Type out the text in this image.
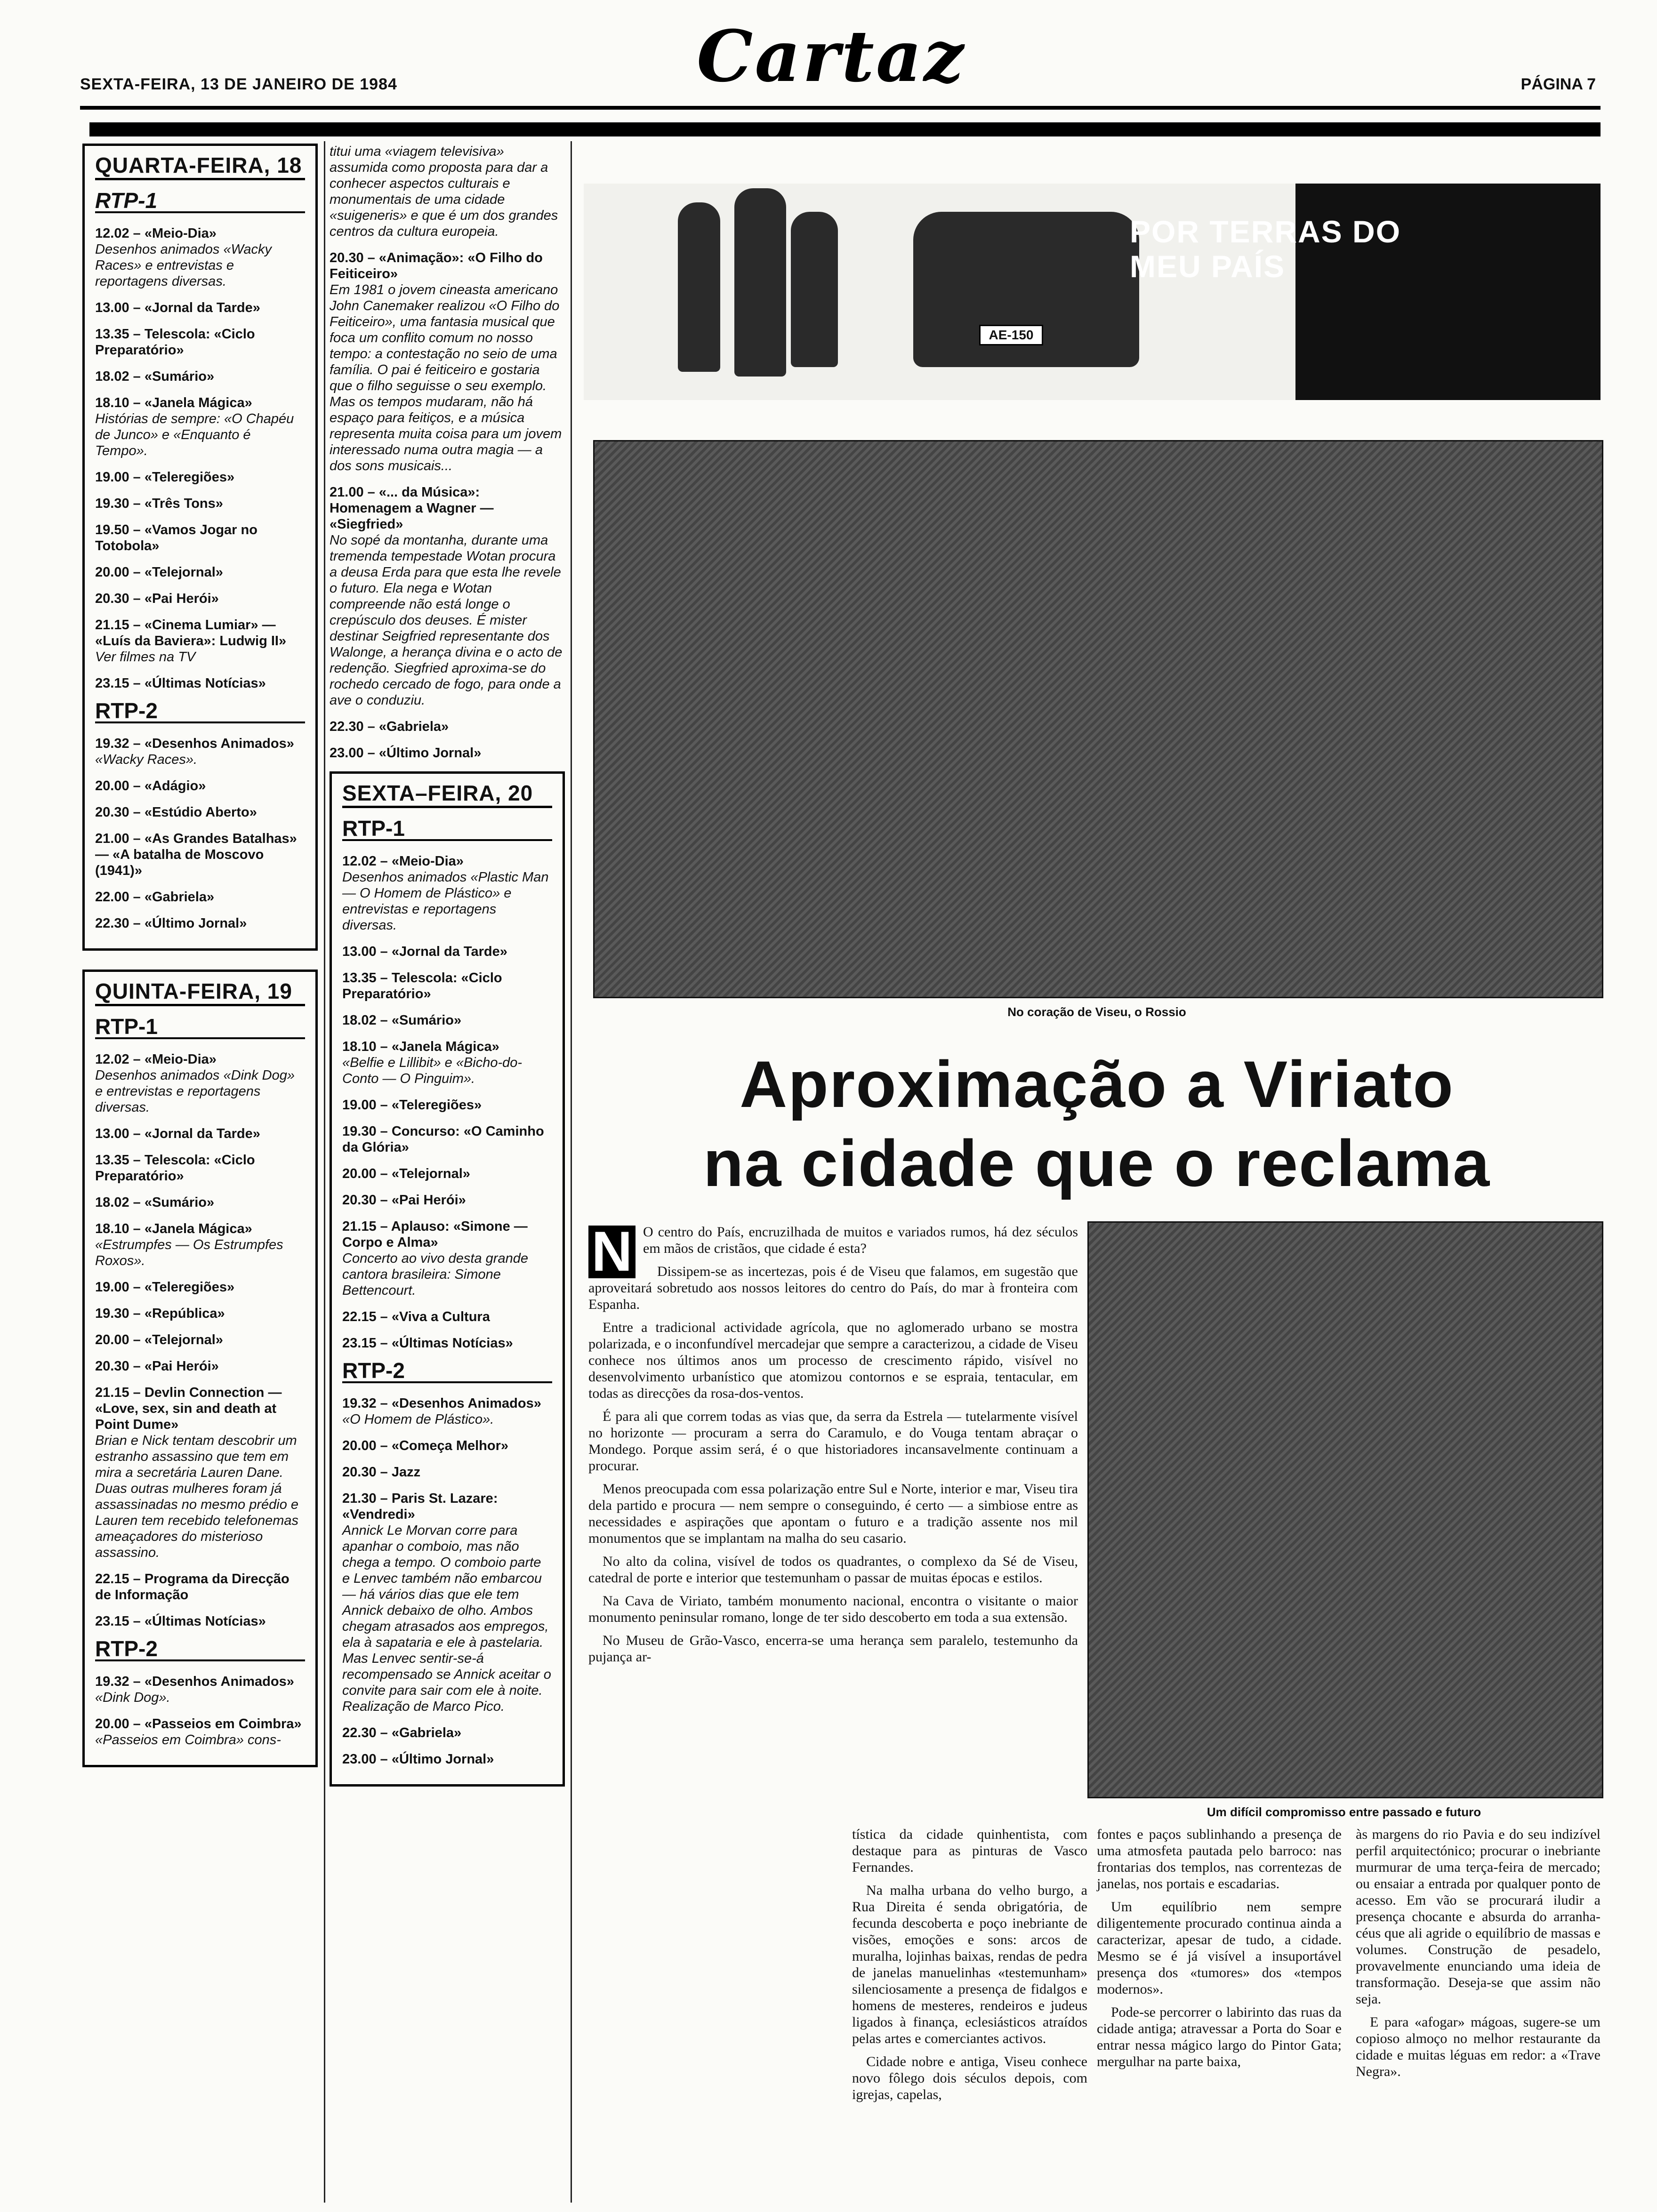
SEXTA-FEIRA, 13 DE JANEIRO DE 1984	Cartaz	PÁGINA 7
QUARTA-FEIRA, 18
RTP-1
12.02 – «Meio-Dia»
Desenhos animados «Wacky Races» e entrevistas e reportagens diversas.
13.00 – «Jornal da Tarde»
13.35 – Telescola: «Ciclo Preparatório»
18.02 – «Sumário»
18.10 – «Janela Mágica»
Histórias de sempre: «O Chapéu de Junco» e «Enquanto é Tempo».
19.00 – «Teleregiões»
19.30 – «Três Tons»
19.50 – «Vamos Jogar no Totobola»
20.00 – «Telejornal»
20.30 – «Pai Herói»
21.15 – «Cinema Lumiar» — «Luís da Baviera»: Ludwig II»
Ver filmes na TV
23.15 – «Últimas Notícias»
RTP-2
19.32 – «Desenhos Animados»
«Wacky Races».
20.00 – «Adágio»
20.30 – «Estúdio Aberto»
21.00 – «As Grandes Batalhas» — «A batalha de Moscovo (1941)»
22.00 – «Gabriela»
22.30 – «Último Jornal»
QUINTA-FEIRA, 19
RTP-1
12.02 – «Meio-Dia»
Desenhos animados «Dink Dog» e entrevistas e reportagens diversas.
13.00 – «Jornal da Tarde»
13.35 – Telescola: «Ciclo Preparatório»
18.02 – «Sumário»
18.10 – «Janela Mágica»
«Estrumpfes — Os Estrumpfes Roxos».
19.00 – «Teleregiões»
19.30 – «República»
20.00 – «Telejornal»
20.30 – «Pai Herói»
21.15 – Devlin Connection — «Love, sex, sin and death at Point Dume»
Brian e Nick tentam descobrir um estranho assassino que tem em mira a secretária Lauren Dane. Duas outras mulheres foram já assassinadas no mesmo prédio e Lauren tem recebido telefonemas ameaçadores do misterioso assassino.
22.15 – Programa da Direcção de Informação
23.15 – «Últimas Notícias»
RTP-2
19.32 – «Desenhos Animados»
«Dink Dog».
20.00 – «Passeios em Coimbra»
«Passeios em Coimbra» cons-
titui uma «viagem televisiva» assumida como proposta para dar a conhecer aspectos culturais e monumentais de uma cidade «suigeneris» e que é um dos grandes centros da cultura europeia.
20.30 – «Animação»: «O Filho do Feiticeiro»
Em 1981 o jovem cineasta americano John Canemaker realizou «O Filho do Feiticeiro», uma fantasia musical que foca um conflito comum no nosso tempo: a contestação no seio de uma família. O pai é feiticeiro e gostaria que o filho seguisse o seu exemplo. Mas os tempos mudaram, não há espaço para feitiços, e a música representa muita coisa para um jovem interessado numa outra magia — a dos sons musicais...
21.00 – «... da Música»: Homenagem a Wagner — «Siegfried»
No sopé da montanha, durante uma tremenda tempestade Wotan procura a deusa Erda para que esta lhe revele o futuro. Ela nega e Wotan compreende não está longe o crepúsculo dos deuses. É mister destinar Seigfried representante dos Walonge, a herança divina e o acto de redenção. Siegfried aproxima-se do rochedo cercado de fogo, para onde a ave o conduziu.
22.30 – «Gabriela»
23.00 – «Último Jornal»
SEXTA–FEIRA, 20
RTP-1
12.02 – «Meio-Dia»
Desenhos animados «Plastic Man — O Homem de Plástico» e entrevistas e reportagens diversas.
13.00 – «Jornal da Tarde»
13.35 – Telescola: «Ciclo Preparatório»
18.02 – «Sumário»
18.10 – «Janela Mágica»
«Belfie e Lillibit» e «Bicho-do-Conto — O Pinguim».
19.00 – «Teleregiões»
19.30 – Concurso: «O Caminho da Glória»
20.00 – «Telejornal»
20.30 – «Pai Herói»
21.15 – Aplauso: «Simone — Corpo e Alma»
Concerto ao vivo desta grande cantora brasileira: Simone Bettencourt.
22.15 – «Viva a Cultura
23.15 – «Últimas Notícias»
RTP-2
19.32 – «Desenhos Animados»
«O Homem de Plástico».
20.00 – «Começa Melhor»
20.30 – Jazz
21.30 – Paris St. Lazare: «Vendredi»
Annick Le Morvan corre para apanhar o comboio, mas não chega a tempo. O comboio parte e Lenvec também não embarcou — há vários dias que ele tem Annick debaixo de olho. Ambos chegam atrasados aos empregos, ela à sapataria e ele à pastelaria. Mas Lenvec sentir-se-á recompensado se Annick aceitar o convite para sair com ele à noite. Realização de Marco Pico.
22.30 – «Gabriela»
23.00 – «Último Jornal»
AE-150
POR TERRAS DO MEU PAÍS
No coração de Viseu, o Rossio
Aproximação a Viriato
na cidade que o reclama
Um difícil compromisso entre passado e futuro
N O centro do País, encruzilhada de muitos e variados rumos, há dez séculos em mãos de cristãos, que cidade é esta?

Dissipem-se as incertezas, pois é de Viseu que falamos, em sugestão que aproveitará sobretudo aos nossos leitores do centro do País, do mar à fronteira com Espanha.

Entre a tradicional actividade agrícola, que no aglomerado urbano se mostra polarizada, e o inconfundível mercadejar que sempre a caracterizou, a cidade de Viseu conhece nos últimos anos um processo de crescimento rápido, visível no desenvolvimento urbanístico que atomizou contornos e se espraia, tentacular, em todas as direcções da rosa-dos-ventos.

É para ali que correm todas as vias que, da serra da Estrela — tutelarmente visível no horizonte — procuram a serra do Caramulo, e do Vouga tentam abraçar o Mondego. Porque assim será, é o que historiadores incansavelmente continuam a procurar.

Menos preocupada com essa polarização entre Sul e Norte, interior e mar, Viseu tira dela partido e procura — nem sempre o conseguindo, é certo — a simbiose entre as necessidades e aspirações que apontam o futuro e a tradição assente nos mil monumentos que se implantam na malha do seu casario.

No alto da colina, visível de todos os quadrantes, o complexo da Sé de Viseu, catedral de porte e interior que testemunham o passar de muitas épocas e estilos.

Na Cava de Viriato, também monumento nacional, encontra o visitante o maior monumento peninsular romano, longe de ter sido descoberto em toda a sua extensão.

No Museu de Grão-Vasco, encerra-se uma herança sem paralelo, testemunho da pujança ar-

tística da cidade quinhentista, com destaque para as pinturas de Vasco Fernandes.

Na malha urbana do velho burgo, a Rua Direita é senda obrigatória, de fecunda descoberta e poço inebriante de visões, emoções e sons: arcos de muralha, lojinhas baixas, rendas de pedra de janelas manuelinhas «testemunham» silenciosamente a presença de fidalgos e homens de mesteres, rendeiros e judeus ligados à finança, eclesiásticos atraídos pelas artes e comerciantes activos.

Cidade nobre e antiga, Viseu conhece novo fôlego dois séculos depois, com igrejas, capelas,

fontes e paços sublinhando a presença de uma atmosfeta pautada pelo barroco: nas frontarias dos templos, nas correntezas de janelas, nos portais e escadarias.

Um equilíbrio nem sempre diligentemente procurado continua ainda a caracterizar, apesar de tudo, a cidade. Mesmo se é já visível a insuportável presença dos «tumores» dos «tempos modernos».

Pode-se percorrer o labirinto das ruas da cidade antiga; atravessar a Porta do Soar e entrar nessa mágico largo do Pintor Gata; mergulhar na parte baixa,

às margens do rio Pavia e do seu indizível perfil arquitectónico; procurar o inebriante murmurar de uma terça-feira de mercado; ou ensaiar a entrada por qualquer ponto de acesso. Em vão se procurará iludir a presença chocante e absurda do arranha-céus que ali agride o equilíbrio de massas e volumes. Construção de pesadelo, provavelmente enunciando uma ideia de transformação. Deseja-se que assim não seja.

E para «afogar» mágoas, sugere-se um copioso almoço no melhor restaurante da cidade e muitas léguas em redor: a «Trave Negra».
